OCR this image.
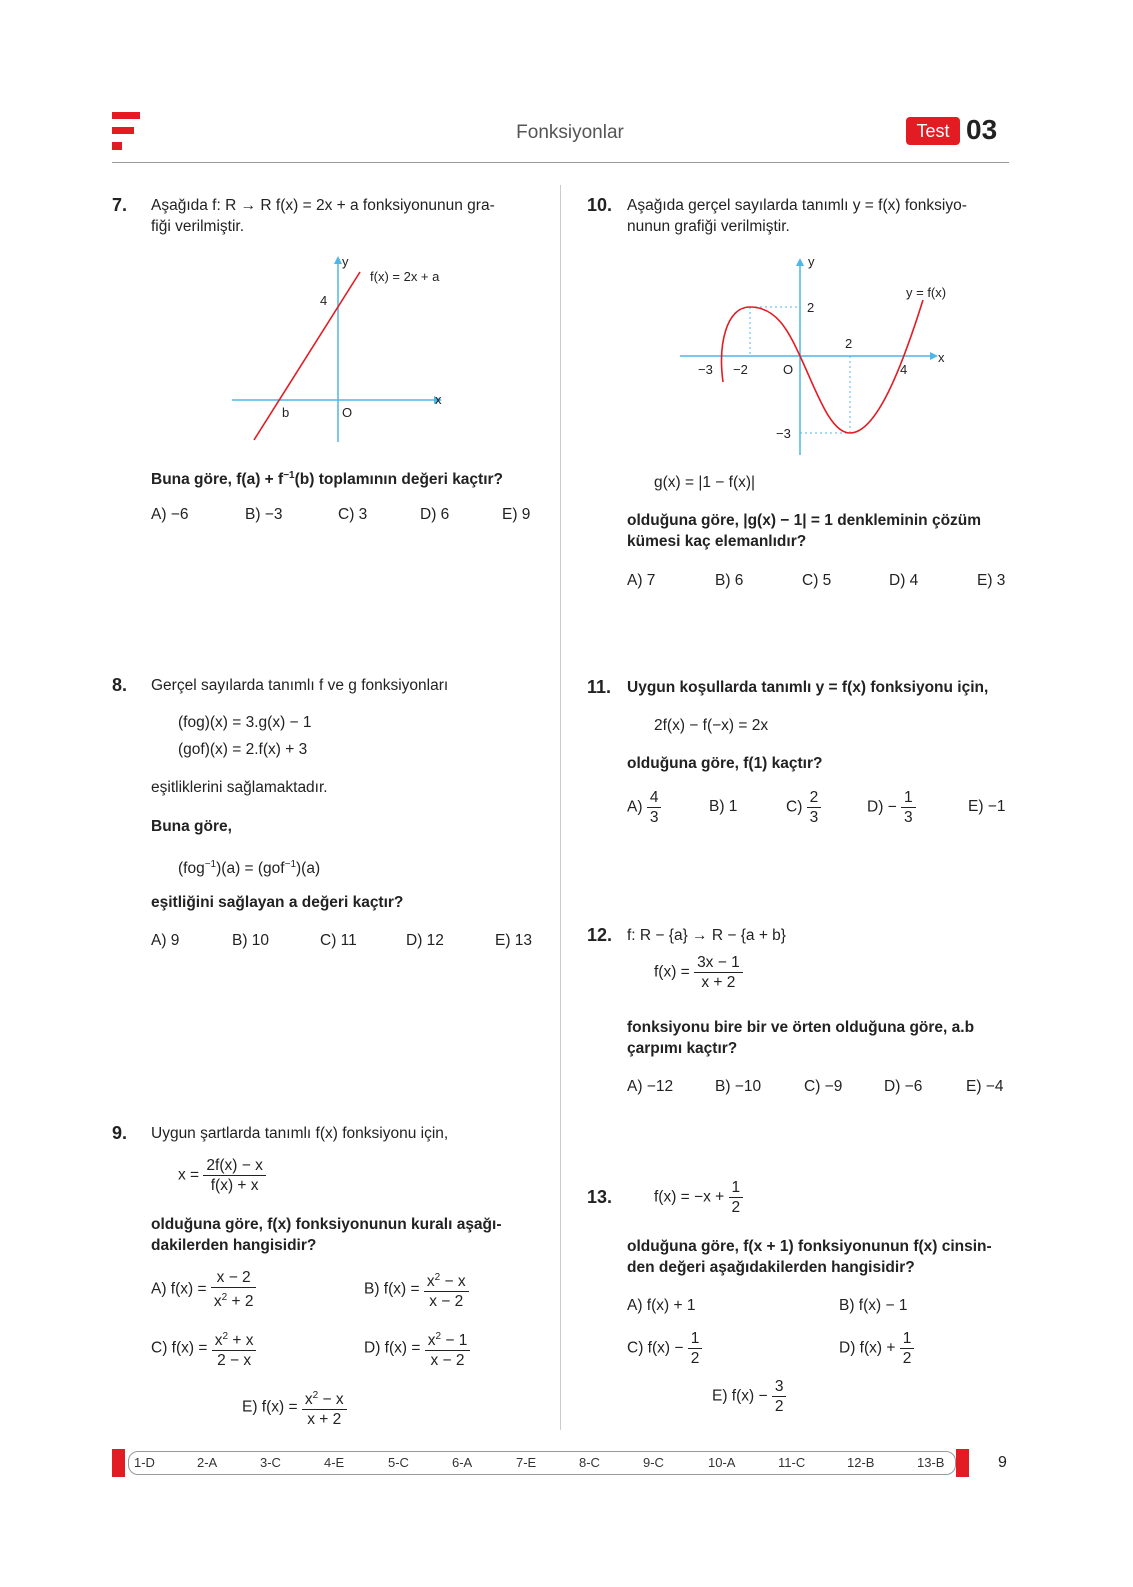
Fonksiyonlar	Test 03
7. Aşağıda f: R → R f(x) = 2x + a fonksiyonunun gra-
fiği verilmiştir.
y
x
f(x) = 2x + a
4
b	O
Buna göre, $f(a) + f^{-1}(b)$ toplamının değeri kaçtır?
A) −6	B) −3	C) 3	D) 6	E) 9
8. Gerçel sayılarda tanımlı f ve g fonksiyonları
(fog)(x) = 3.g(x) − 1
(gof)(x) = 2.f(x) + 3
eşitliklerini sağlamaktadır.
Buna göre,
(fog$^{-1}$)(a) = (gof$^{-1}$)(a)
eşitliğini sağlayan a değeri kaçtır?
A) 9	B) 10	C) 11	D) 12	E) 13
9. Uygun şartlarda tanımlı f(x) fonksiyonu için,
$x = \frac{2f(x) - x}{f(x) + x}$
olduğuna göre, f(x) fonksiyonunun kuralı aşağı-
dakilerden hangisidir?
A) $f(x) = \frac{x - 2}{x^2 + 2}$	B) $f(x) = \frac{x^2 - x}{x - 2}$
C) $f(x) = \frac{x^2 + x}{2 - x}$	D) $f(x) = \frac{x^2 - 1}{x - 2}$
E) $f(x) = \frac{x^2 - x}{x + 2}$
10. Aşağıda gerçel sayılarda tanımlı y = f(x) fonksiyo-
nunun grafiği verilmiştir.
y
x
y = f(x)
2
2
−3 −2	O	4
−3
g(x) = |1 − f(x)|
olduğuna göre, |g(x) − 1| = 1 denkleminin çözüm
kümesi kaç elemanlıdır?
A) 7	B) 6	C) 5	D) 4	E) 3
11. Uygun koşullarda tanımlı y = f(x) fonksiyonu için,
2f(x) − f(−x) = 2x
olduğuna göre, f(1) kaçtır?
$A) \frac{4}{3}$	B) 1	$C) \frac{2}{3}$	$D) - \frac{1}{3}$	E) −1
12. f: R − {a} → R − {a + b}
$f(x) = \frac{3x - 1}{x + 2}$
fonksiyonu bire bir ve örten olduğuna göre, a.b
çarpımı kaçtır?
A) −12	B) −10	C) −9	D) −6	E) −4
13.	$f(x) = -x + \frac{1}{2}$
olduğuna göre, f(x + 1) fonksiyonunun f(x) cinsin-
den değeri aşağıdakilerden hangisidir?
A) f(x) + 1	B) f(x) − 1
C) $f(x) - \frac{1}{2}$	D) $f(x) + \frac{1}{2}$
E) $f(x) - \frac{3}{2}$
1-D	2-A	3-C	4-E	5-C	6-A	7-E	8-C	9-C	10-A	11-C	12-B	13-B	9
